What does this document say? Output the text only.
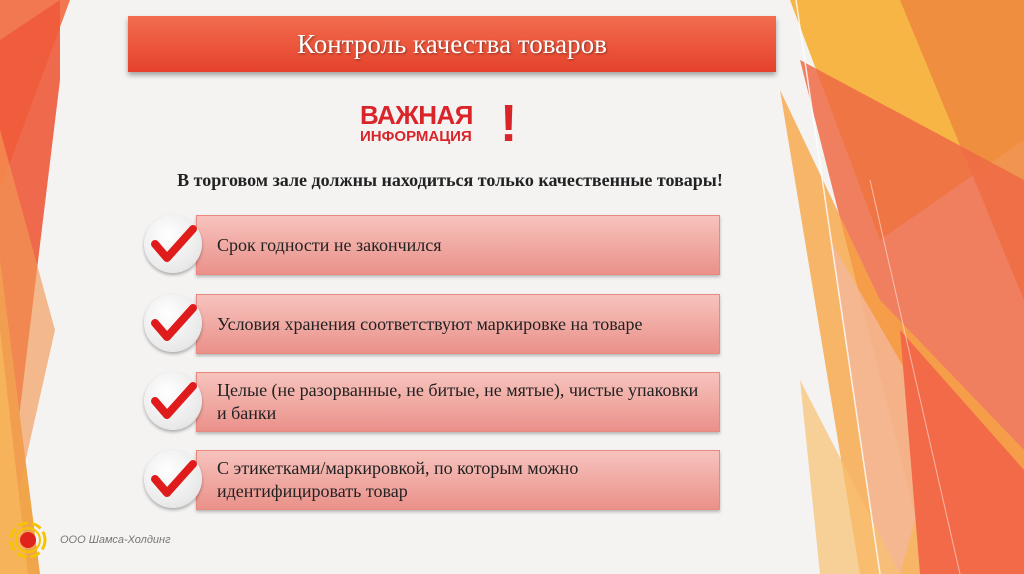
Контроль качества товаров
ВАЖНАЯ
ИНФОРМАЦИЯ !
В торговом зале должны находиться только качественные товары!
Срок годности не закончился
Условия хранения соответствуют маркировке на товаре
Целые (не разорванные, не битые, не мятые), чистые упаковки и банки
С этикетками/маркировкой, по которым можно идентифицировать товар
ООО Шамса-Холдинг
